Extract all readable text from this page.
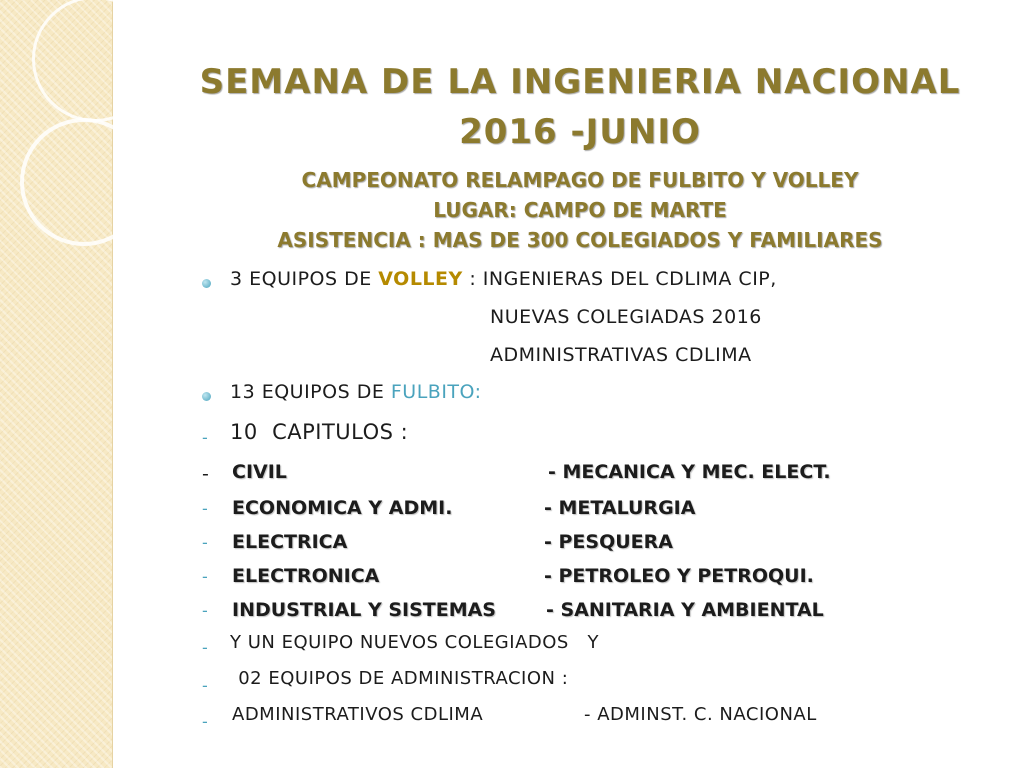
SEMANA DE LA INGENIERIA NACIONAL
2016 -JUNIO
CAMPEONATO RELAMPAGO DE FULBITO Y VOLLEY
LUGAR: CAMPO DE MARTE
ASISTENCIA : MAS DE 300 COLEGIADOS Y FAMILIARES
3 EQUIPOS DE VOLLEY : INGENIERAS DEL CDLIMA CIP,
NUEVAS COLEGIADAS 2016
ADMINISTRATIVAS CDLIMA
13 EQUIPOS DE FULBITO:
- 10  CAPITULOS :
- CIVIL	- MECANICA Y MEC. ELECT.
- ECONOMICA Y ADMI.	- METALURGIA
- ELECTRICA	- PESQUERA
- ELECTRONICA	- PETROLEO Y PETROQUI.
- INDUSTRIAL Y SISTEMAS	- SANITARIA Y AMBIENTAL
- Y UN EQUIPO NUEVOS COLEGIADOS   Y
- 02 EQUIPOS DE ADMINISTRACION :
- ADMINISTRATIVOS CDLIMA	- ADMINST. C. NACIONAL
